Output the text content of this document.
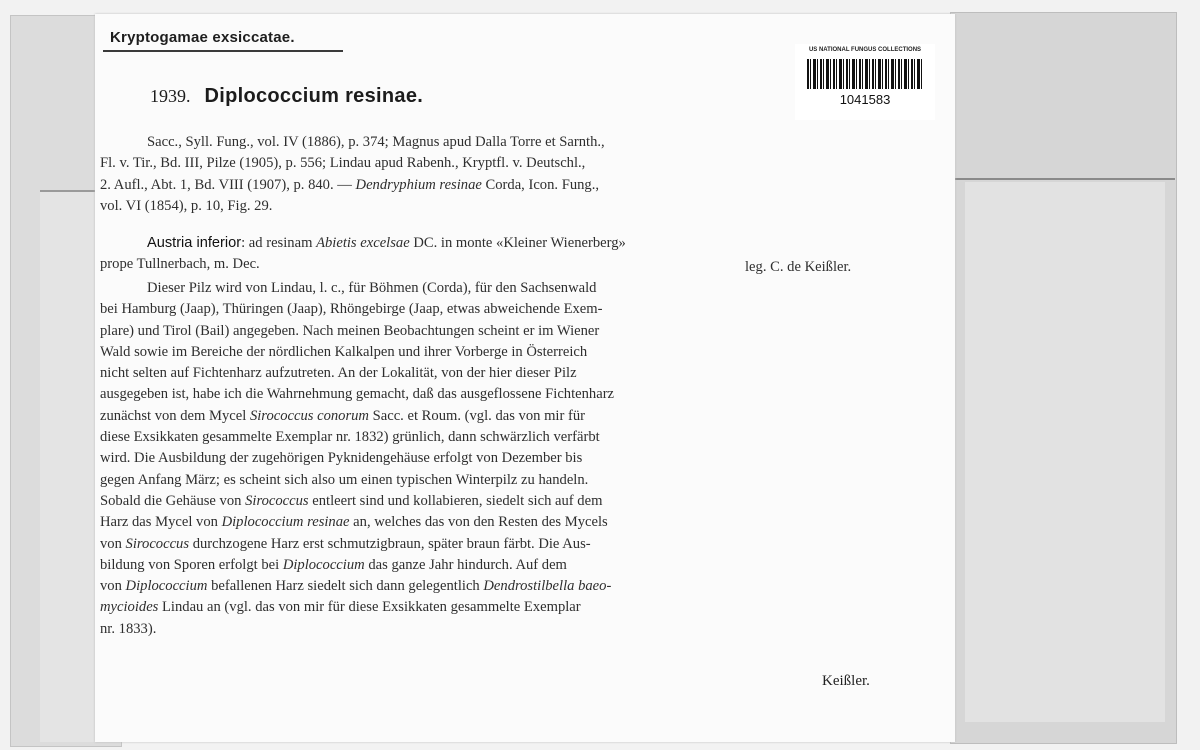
Kryptogamae exsiccatae.
US NATIONAL FUNGUS COLLECTIONS
1041583
1939. Diplococcium resinae.
Sacc., Syll. Fung., vol. IV (1886), p. 374; Magnus apud Dalla Torre et Sarnth.,
Fl. v. Tir., Bd. III, Pilze (1905), p. 556; Lindau apud Rabenh., Kryptfl. v. Deutschl.,
2. Aufl., Abt. 1, Bd. VIII (1907), p. 840. — Dendryphium resinae Corda, Icon. Fung.,
vol. VI (1854), p. 10, Fig. 29.
Austria inferior: ad resinam Abietis excelsae DC. in monte «Kleiner Wienerberg»
prope Tullnerbach, m. Dec.	leg. C. de Keißler.
Dieser Pilz wird von Lindau, l. c., für Böhmen (Corda), für den Sachsenwald
bei Hamburg (Jaap), Thüringen (Jaap), Rhöngebirge (Jaap, etwas abweichende Exem-
plare) und Tirol (Bail) angegeben. Nach meinen Beobachtungen scheint er im Wiener
Wald sowie im Bereiche der nördlichen Kalkalpen und ihrer Vorberge in Österreich
nicht selten auf Fichtenharz aufzutreten. An der Lokalität, von der hier dieser Pilz
ausgegeben ist, habe ich die Wahrnehmung gemacht, daß das ausgeflossene Fichtenharz
zunächst von dem Mycel Sirococcus conorum Sacc. et Roum. (vgl. das von mir für
diese Exsikkaten gesammelte Exemplar nr. 1832) grünlich, dann schwärzlich verfärbt
wird. Die Ausbildung der zugehörigen Pyknidengehäuse erfolgt von Dezember bis
gegen Anfang März; es scheint sich also um einen typischen Winterpilz zu handeln.
Sobald die Gehäuse von Sirococcus entleert sind und kollabieren, siedelt sich auf dem
Harz das Mycel von Diplococcium resinae an, welches das von den Resten des Mycels
von Sirococcus durchzogene Harz erst schmutzigbraun, später braun färbt. Die Aus-
bildung von Sporen erfolgt bei Diplococcium das ganze Jahr hindurch. Auf dem
von Diplococcium befallenen Harz siedelt sich dann gelegentlich Dendrostilbella baeo-
mycioides Lindau an (vgl. das von mir für diese Exsikkaten gesammelte Exemplar
nr. 1833).
Keißler.
